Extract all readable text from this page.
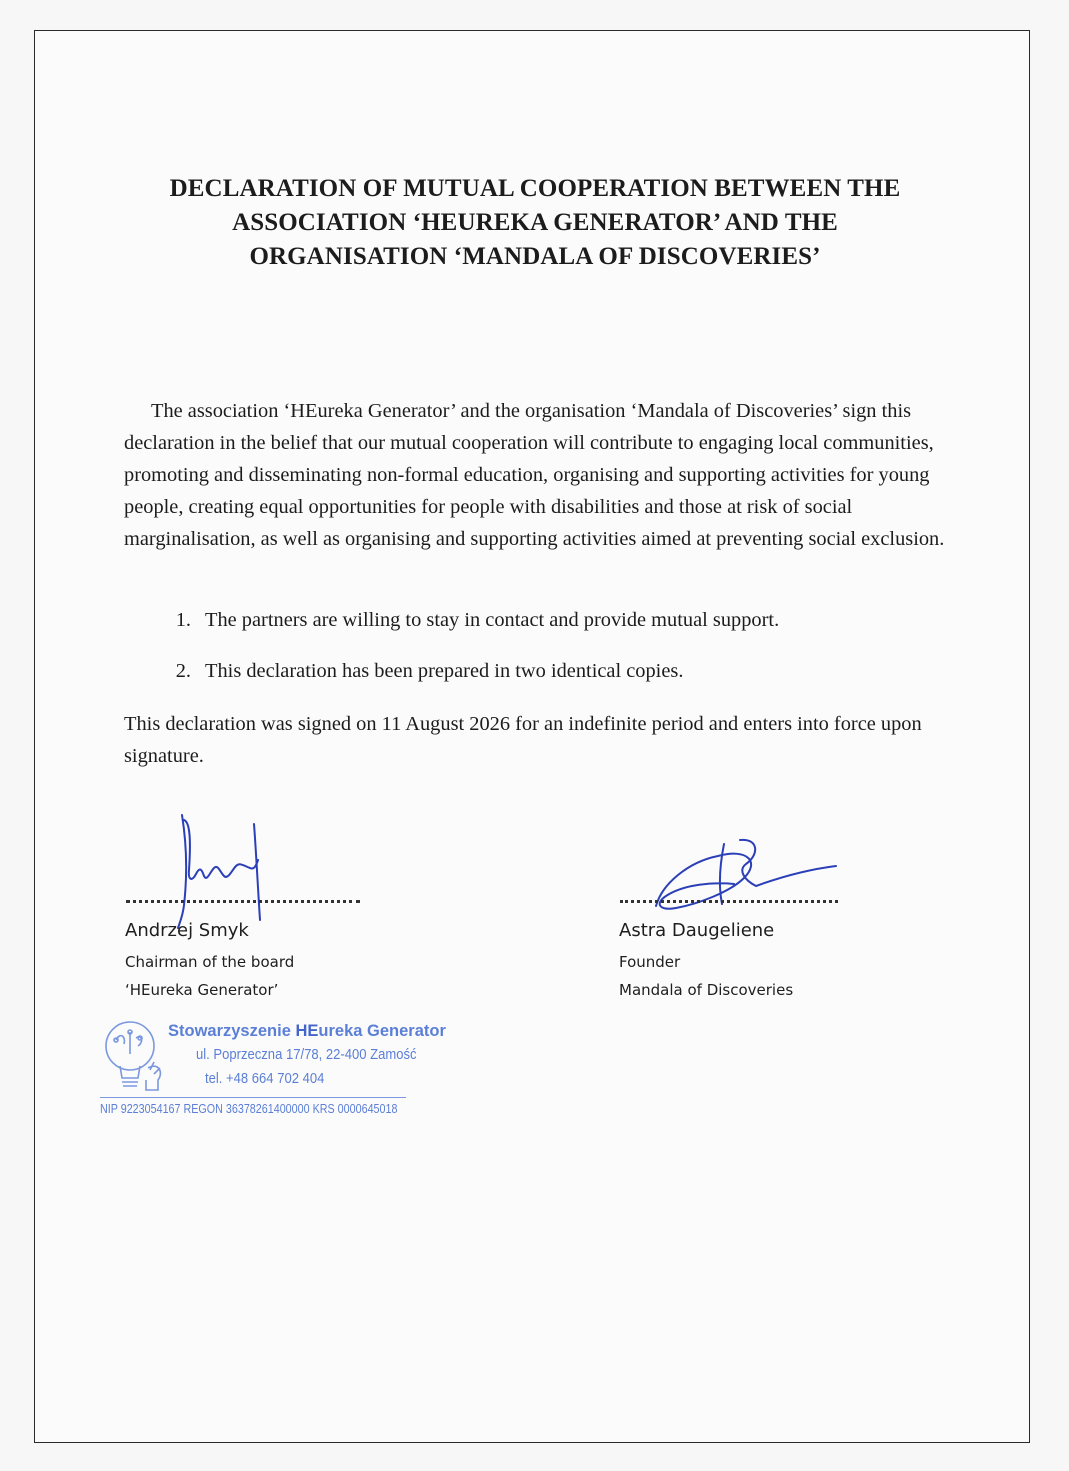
DECLARATION OF MUTUAL COOPERATION BETWEEN THE
ASSOCIATION ‘HEUREKA GENERATOR’ AND THE
ORGANISATION ‘MANDALA OF DISCOVERIES’

The association ‘HEureka Generator’ and the organisation ‘Mandala of Discoveries’ sign this declaration in the belief that our mutual cooperation will contribute to engaging local communities, promoting and disseminating non-formal education, organising and supporting activities for young people, creating equal opportunities for people with disabilities and those at risk of social marginalisation, as well as organising and supporting activities aimed at preventing social exclusion.

1. The partners are willing to stay in contact and provide mutual support.
2. This declaration has been prepared in two identical copies.

This declaration was signed on 11 August 2026 for an indefinite period and enters into force upon signature.

Andrzej Smyk
Chairman of the board
‘HEureka Generator’
Astra Daugeliene
Founder
Mandala of Discoveries
Stowarzyszenie HEureka Generator
ul. Poprzeczna 17/78, 22-400 Zamość
tel. +48 664 702 404
NIP 9223054167 REGON 36378261400000 KRS 0000645018
